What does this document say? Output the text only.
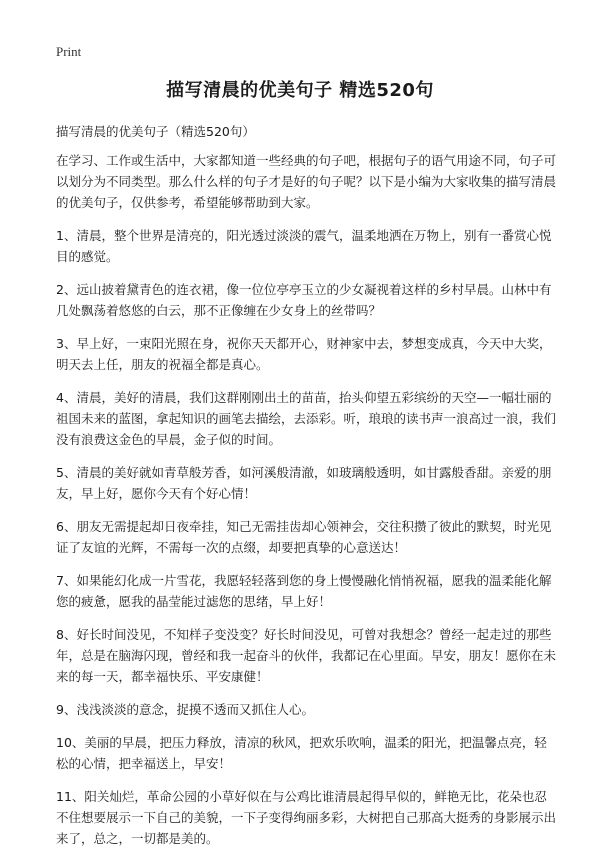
Print
描写清晨的优美句子 精选520句
描写清晨的优美句子（精选520句）

在学习、工作或生活中，大家都知道一些经典的句子吧，根据句子的语气用途不同，句子可以划分为不同类型。那么什么样的句子才是好的句子呢？以下是小编为大家收集的描写清晨的优美句子，仅供参考，希望能够帮助到大家。

1、清晨，整个世界是清亮的，阳光透过淡淡的震气，温柔地洒在万物上，别有一番赏心悦目的感觉。

2、远山披着黛青色的连衣裙，像一位位亭亭玉立的少女凝视着这样的乡村早晨。山林中有几处飘荡着悠悠的白云，那不正像缠在少女身上的丝带吗？

3、早上好，一束阳光照在身，祝你天天都开心，财神家中去，梦想变成真，今天中大奖，明天去上任，朋友的祝福全都是真心。

4、清晨，美好的清晨，我们这群刚刚出土的苗苗，抬头仰望五彩缤纷的天空—一幅壮丽的祖国未来的蓝图，拿起知识的画笔去描绘，去添彩。听，琅琅的读书声一浪高过一浪，我们没有浪费这金色的早晨，金子似的时间。

5、清晨的美好就如青草般芳香，如河溪般清澈，如玻璃般透明，如甘露般香甜。亲爱的朋友，早上好，愿你今天有个好心情！

6、朋友无需提起却日夜牵挂，知己无需挂齿却心领神会，交往积攒了彼此的默契，时光见证了友谊的光辉，不需每一次的点缀，却要把真挚的心意送达！

7、如果能幻化成一片雪花，我愿轻轻落到您的身上慢慢融化悄悄祝福，愿我的温柔能化解您的疲惫，愿我的晶莹能过滤您的思绪，早上好！

8、好长时间没见，不知样子变没变？好长时间没见，可曾对我想念？曾经一起走过的那些年，总是在脑海闪现，曾经和我一起奋斗的伙伴，我都记在心里面。早安，朋友！愿你在未来的每一天，都幸福快乐、平安康健！

9、浅浅淡淡的意念，捉摸不透而又抓住人心。

10、美丽的早晨，把压力释放，清凉的秋风，把欢乐吹响，温柔的阳光，把温馨点亮，轻松的心情，把幸福送上，早安！

11、阳关灿烂，革命公园的小草好似在与公鸡比谁清晨起得早似的，鲜艳无比，花朵也忍不住想要展示一下自己的美貌，一下子变得绚丽多彩，大树把自己那高大挺秀的身影展示出来了，总之，一切都是美的。
